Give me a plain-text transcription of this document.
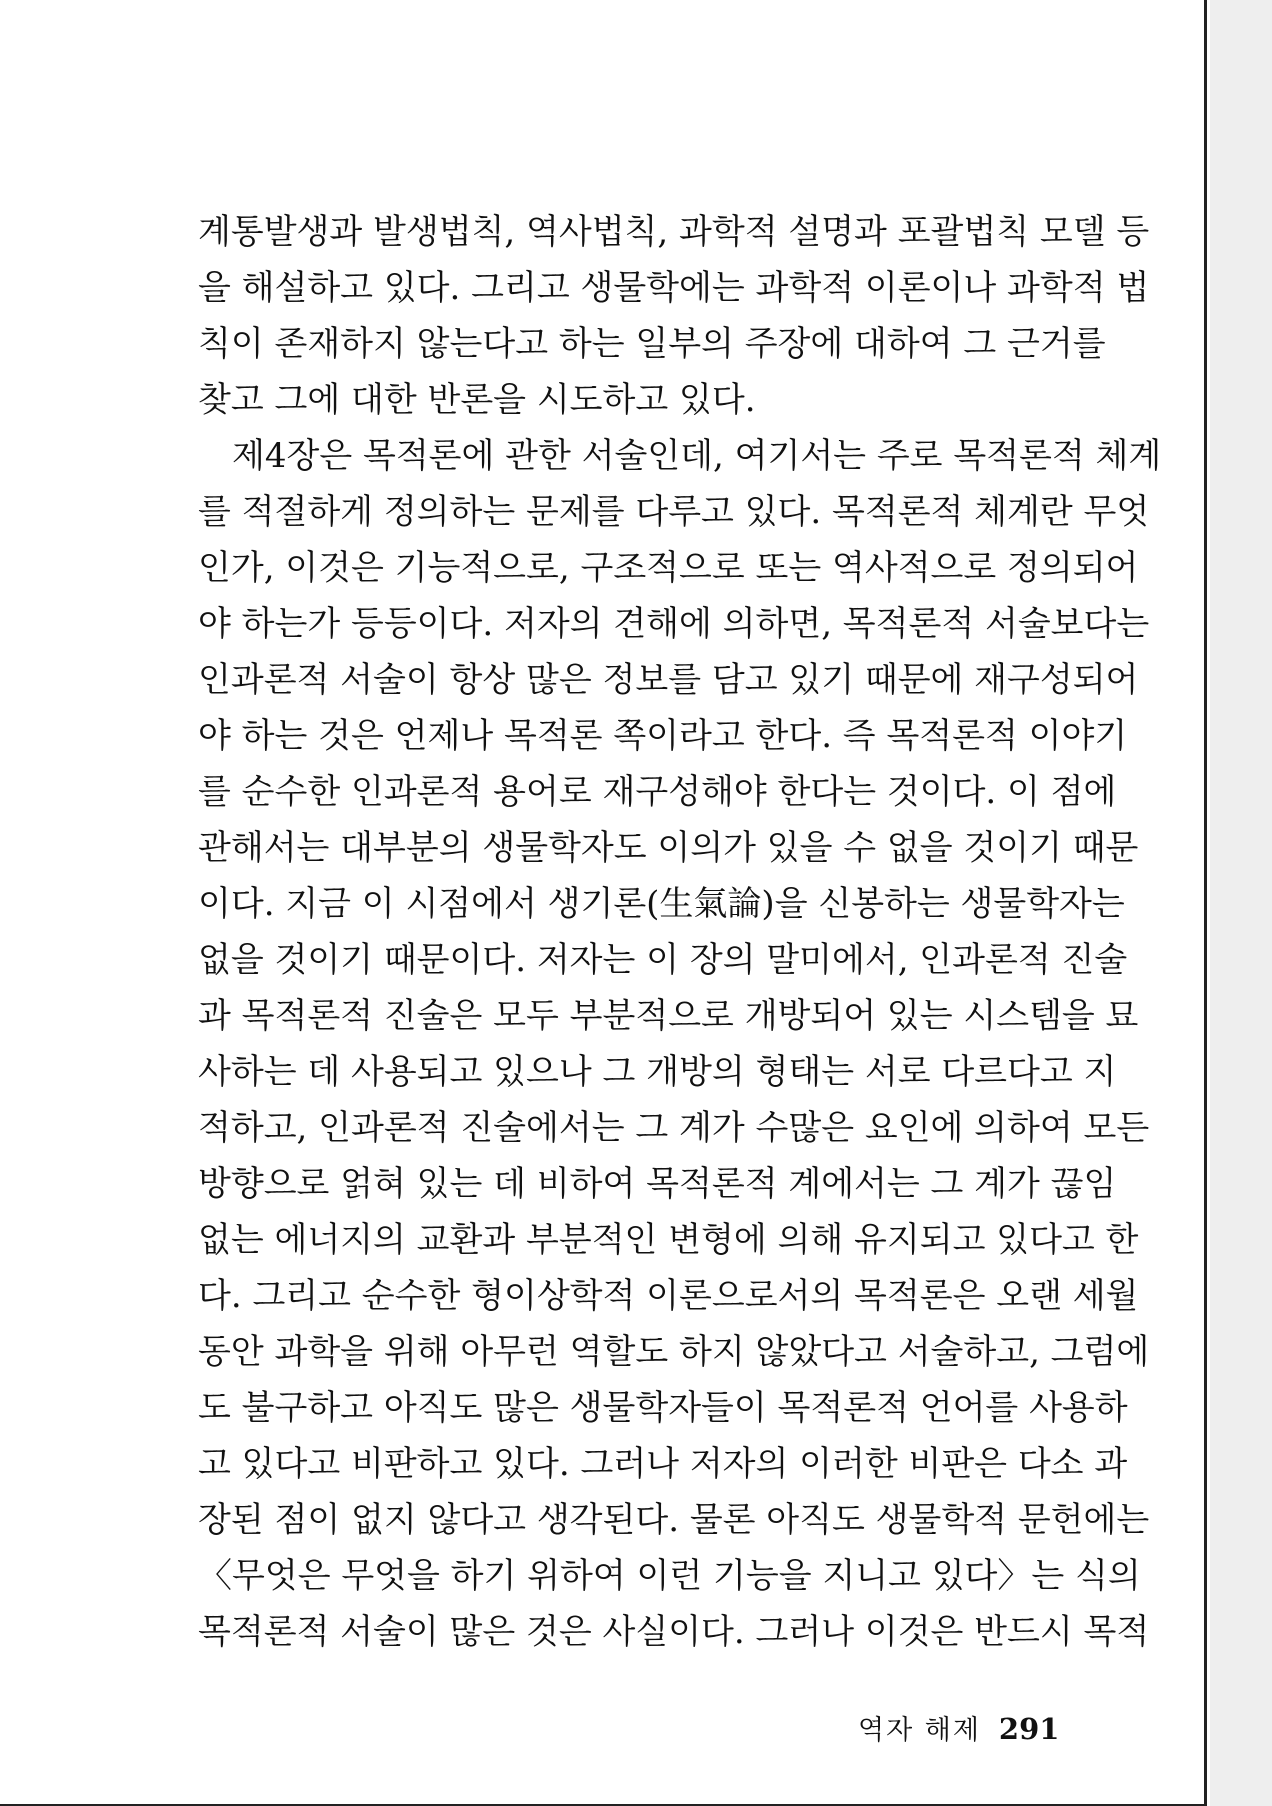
계통발생과 발생법칙, 역사법칙, 과학적 설명과 포괄법칙 모델 등
을 해설하고 있다. 그리고 생물학에는 과학적 이론이나 과학적 법
칙이 존재하지 않는다고 하는 일부의 주장에 대하여 그 근거를
찾고 그에 대한 반론을 시도하고 있다.
제4장은 목적론에 관한 서술인데, 여기서는 주로 목적론적 체계
를 적절하게 정의하는 문제를 다루고 있다. 목적론적 체계란 무엇
인가, 이것은 기능적으로, 구조적으로 또는 역사적으로 정의되어
야 하는가 등등이다. 저자의 견해에 의하면, 목적론적 서술보다는
인과론적 서술이 항상 많은 정보를 담고 있기 때문에 재구성되어
야 하는 것은 언제나 목적론 쪽이라고 한다. 즉 목적론적 이야기
를 순수한 인과론적 용어로 재구성해야 한다는 것이다. 이 점에
관해서는 대부분의 생물학자도 이의가 있을 수 없을 것이기 때문
이다. 지금 이 시점에서 생기론(生氣論)을 신봉하는 생물학자는
없을 것이기 때문이다. 저자는 이 장의 말미에서, 인과론적 진술
과 목적론적 진술은 모두 부분적으로 개방되어 있는 시스템을 묘
사하는 데 사용되고 있으나 그 개방의 형태는 서로 다르다고 지
적하고, 인과론적 진술에서는 그 계가 수많은 요인에 의하여 모든
방향으로 얽혀 있는 데 비하여 목적론적 계에서는 그 계가 끊임
없는 에너지의 교환과 부분적인 변형에 의해 유지되고 있다고 한
다. 그리고 순수한 형이상학적 이론으로서의 목적론은 오랜 세월
동안 과학을 위해 아무런 역할도 하지 않았다고 서술하고, 그럼에
도 불구하고 아직도 많은 생물학자들이 목적론적 언어를 사용하
고 있다고 비판하고 있다. 그러나 저자의 이러한 비판은 다소 과
장된 점이 없지 않다고 생각된다. 물론 아직도 생물학적 문헌에는
〈무엇은 무엇을 하기 위하여 이런 기능을 지니고 있다〉는 식의
목적론적 서술이 많은 것은 사실이다. 그러나 이것은 반드시 목적
역자 해제 291
